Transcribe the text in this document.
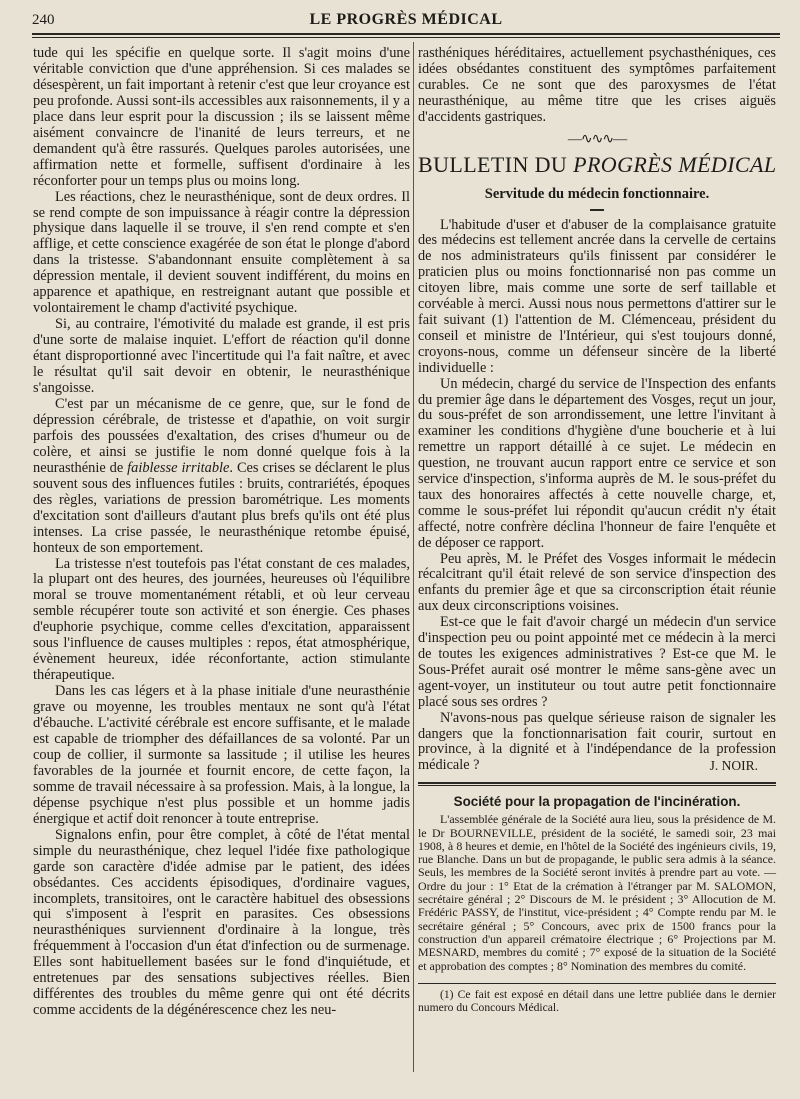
240	LE PROGRÈS MÉDICAL

tude qui les spécifie en quelque sorte. Il s'agit moins d'une véritable conviction que d'une appréhension. Si ces malades se désespèrent, un fait important à retenir c'est que leur croyance est peu profonde. Aussi sont-ils accessibles aux raisonnements, il y a place dans leur esprit pour la discussion ; ils se laissent même aisément convaincre de l'inanité de leurs terreurs, et ne demandent qu'à être rassurés. Quelques paroles autorisées, une affirmation nette et formelle, suffisent d'ordinaire à les réconforter pour un temps plus ou moins long.

Les réactions, chez le neurasthénique, sont de deux ordres. Il se rend compte de son impuissance à réagir contre la dépression physique dans laquelle il se trouve, il s'en rend compte et s'en afflige, et cette conscience exagérée de son état le plonge d'abord dans la tristesse. S'abandonnant ensuite complètement à sa dépression mentale, il devient souvent indifférent, du moins en apparence et apathique, en restreignant autant que possible et volontairement le champ d'activité psychique.

Si, au contraire, l'émotivité du malade est grande, il est pris d'une sorte de malaise inquiet. L'effort de réaction qu'il donne étant disproportionné avec l'incertitude qui l'a fait naître, et avec le résultat qu'il sait devoir en obtenir, le neurasthénique s'angoisse.

C'est par un mécanisme de ce genre, que, sur le fond de dépression cérébrale, de tristesse et d'apathie, on voit surgir parfois des poussées d'exaltation, des crises d'humeur ou de colère, et ainsi se justifie le nom donné quelque fois à la neurasthénie de faiblesse irritable. Ces crises se déclarent le plus souvent sous des influences futiles : bruits, contrariétés, époques des règles, variations de pression barométrique. Les moments d'excitation sont d'ailleurs d'autant plus brefs qu'ils ont été plus intenses. La crise passée, le neurasthénique retombe épuisé, honteux de son emportement.

La tristesse n'est toutefois pas l'état constant de ces malades, la plupart ont des heures, des journées, heureuses où l'équilibre moral se trouve momentanément rétabli, et où leur cerveau semble récupérer toute son activité et son énergie. Ces phases d'euphorie psychique, comme celles d'excitation, apparaissent sous l'influence de causes multiples : repos, état atmosphérique, évènement heureux, idée réconfortante, action stimulante thérapeutique.

Dans les cas légers et à la phase initiale d'une neurasthénie grave ou moyenne, les troubles mentaux ne sont qu'à l'état d'ébauche. L'activité cérébrale est encore suffisante, et le malade est capable de triompher des défaillances de sa volonté. Par un coup de collier, il surmonte sa lassitude ; il utilise les heures favorables de la journée et fournit encore, de cette façon, la somme de travail nécessaire à sa profession. Mais, à la longue, la dépense psychique n'est plus possible et un homme jadis énergique et actif doit renoncer à toute entreprise.

Signalons enfin, pour être complet, à côté de l'état mental simple du neurasthénique, chez lequel l'idée fixe pathologique garde son caractère d'idée admise par le patient, des idées obsédantes. Ces accidents épisodiques, d'ordinaire vagues, incomplets, transitoires, ont le caractère habituel des obsessions qui s'imposent à l'esprit en parasites. Ces obsessions neurasthéniques surviennent d'ordinaire à la longue, très fréquemment à l'occasion d'un état d'infection ou de surmenage. Elles sont habituellement basées sur le fond d'inquiétude, et entretenues par des sensations subjectives réelles. Bien différentes des troubles du même genre qui ont été décrits comme accidents de la dégénérescence chez les neu-

rasthéniques héréditaires, actuellement psychasthéniques, ces idées obsédantes constituent des symptômes parfaitement curables. Ce ne sont que des paroxysmes de l'état neurasthénique, au même titre que les crises aiguës d'accidents gastriques.

—∿∿∿—
BULLETIN DU PROGRÈS MÉDICAL
Servitude du médecin fonctionnaire.

L'habitude d'user et d'abuser de la complaisance gratuite des médecins est tellement ancrée dans la cervelle de certains de nos administrateurs qu'ils finissent par considérer le praticien plus ou moins fonctionnarisé non pas comme un citoyen libre, mais comme une sorte de serf taillable et corvéable à merci. Aussi nous nous permettons d'attirer sur le fait suivant (1) l'attention de M. Clémenceau, président du conseil et ministre de l'Intérieur, qui s'est toujours donné, croyons-nous, comme un défenseur sincère de la liberté individuelle :

Un médecin, chargé du service de l'Inspection des enfants du premier âge dans le département des Vosges, reçut un jour, du sous-préfet de son arrondissement, une lettre l'invitant à examiner les conditions d'hygiène d'une boucherie et à lui remettre un rapport détaillé à ce sujet. Le médecin en question, ne trouvant aucun rapport entre ce service et son service d'inspection, s'informa auprès de M. le sous-préfet du taux des honoraires affectés à cette nouvelle charge, et, comme le sous-préfet lui répondit qu'aucun crédit n'y était affecté, notre confrère déclina l'honneur de faire l'enquête et de déposer ce rapport.

Peu après, M. le Préfet des Vosges informait le médecin récalcitrant qu'il était relevé de son service d'inspection des enfants du premier âge et que sa circonscription était réunie aux deux circonscriptions voisines.

Est-ce que le fait d'avoir chargé un médecin d'un service d'inspection peu ou point appointé met ce médecin à la merci de toutes les exigences administratives ? Est-ce que M. le Sous-Préfet aurait osé montrer le même sans-gène avec un agent-voyer, un instituteur ou tout autre petit fonctionnaire placé sous ses ordres ?

N'avons-nous pas quelque sérieuse raison de signaler les dangers que la fonctionnarisation fait courir, surtout en province, à la dignité et à l'indépendance de la profession médicale ?	J. NOIR.
Société pour la propagation de l'incinération.

L'assemblée générale de la Société aura lieu, sous la présidence de M. le Dr BOURNEVILLE, président de la société, le samedi soir, 23 mai 1908, à 8 heures et demie, en l'hôtel de la Société des ingénieurs civils, 19, rue Blanche. Dans un but de propagande, le public sera admis à la séance. Seuls, les membres de la Société seront invités à prendre part au vote. — Ordre du jour : 1° Etat de la crémation à l'étranger par M. SALOMON, secrétaire général ; 2° Discours de M. le président ; 3° Allocution de M. Frédéric PASSY, de l'institut, vice-président ; 4° Compte rendu par M. le secrétaire général ; 5° Concours, avec prix de 1500 francs pour la construction d'un appareil crématoire électrique ; 6° Projections par M. MESNARD, membres du comité ; 7° exposé de la situation de la Société et approbation des comptes ; 8° Nomination des membres du comité.

(1) Ce fait est exposé en détail dans une lettre publiée dans le dernier numero du Concours Médical.
